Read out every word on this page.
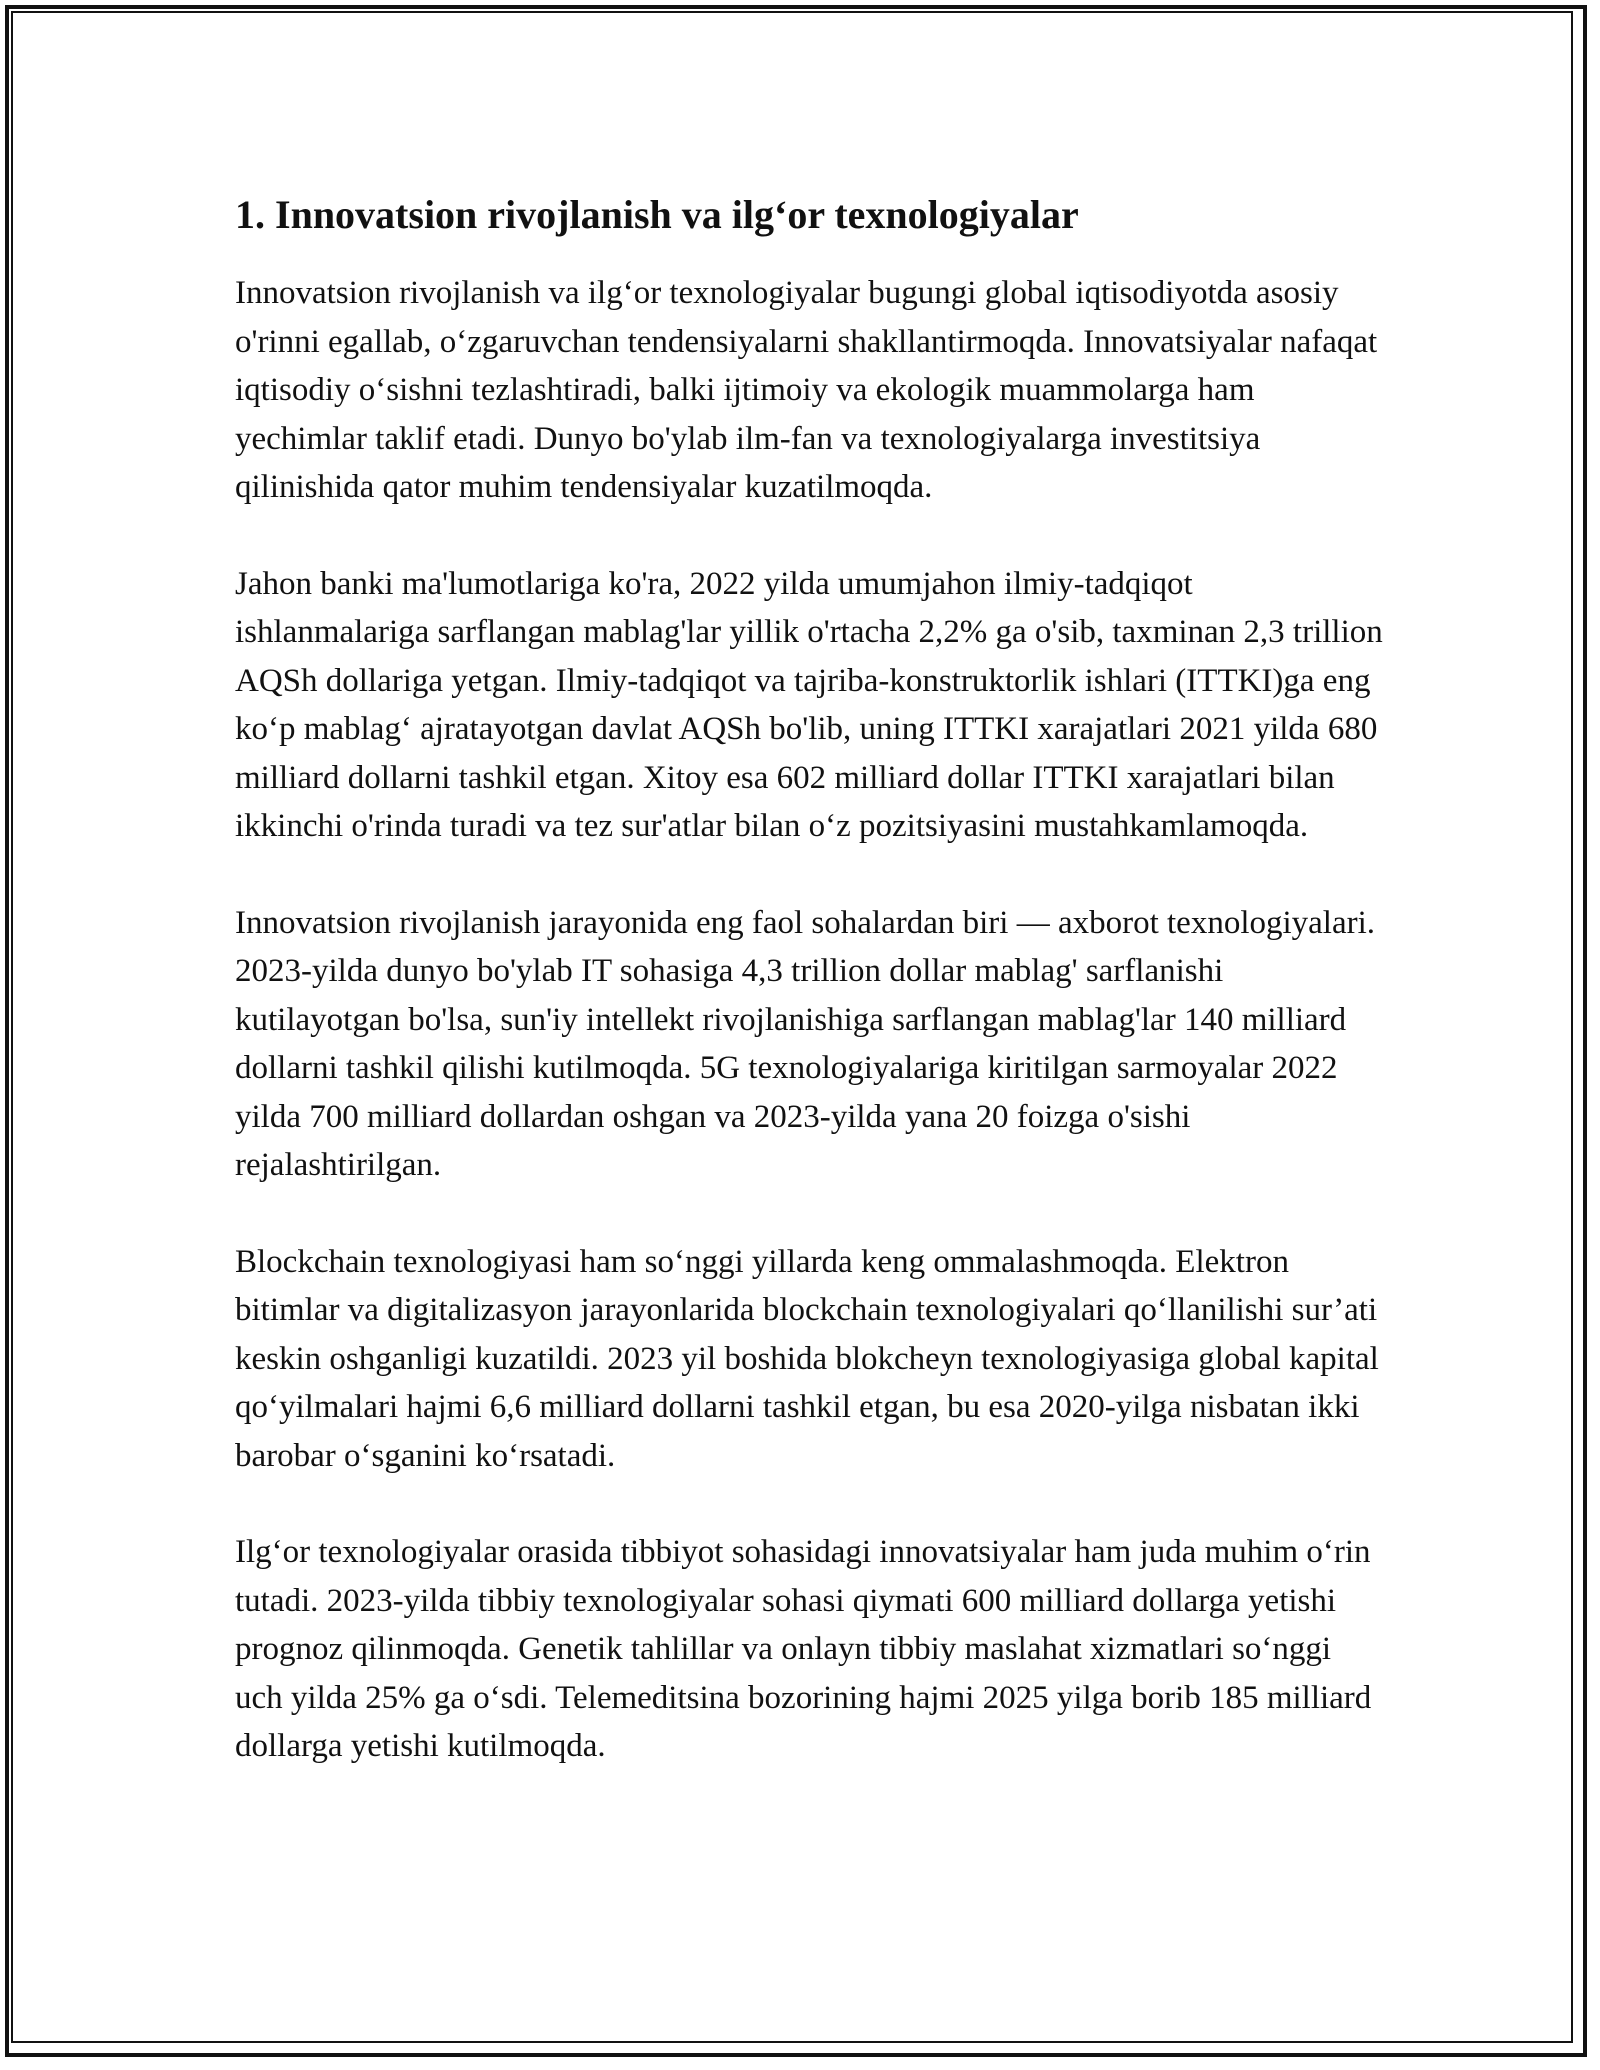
1. Innovatsion rivojlanish va ilg‘or texnologiyalar

Innovatsion rivojlanish va ilg‘or texnologiyalar bugungi global iqtisodiyotda asosiy o'rinni egallab, o‘zgaruvchan tendensiyalarni shakllantirmoqda. Innovatsiyalar nafaqat iqtisodiy o‘sishni tezlashtiradi, balki ijtimoiy va ekologik muammolarga ham yechimlar taklif etadi. Dunyo bo'ylab ilm-fan va texnologiyalarga investitsiya qilinishida qator muhim tendensiyalar kuzatilmoqda.

Jahon banki ma'lumotlariga ko'ra, 2022 yilda umumjahon ilmiy-tadqiqot ishlanmalariga sarflangan mablag'lar yillik o'rtacha 2,2% ga o'sib, taxminan 2,3 trillion AQSh dollariga yetgan. Ilmiy-tadqiqot va tajriba-konstruktorlik ishlari (ITTKI)ga eng ko‘p mablag‘ ajratayotgan davlat AQSh bo'lib, uning ITTKI xarajatlari 2021 yilda 680 milliard dollarni tashkil etgan. Xitoy esa 602 milliard dollar ITTKI xarajatlari bilan ikkinchi o'rinda turadi va tez sur'atlar bilan o‘z pozitsiyasini mustahkamlamoqda.

Innovatsion rivojlanish jarayonida eng faol sohalardan biri — axborot texnologiyalari. 2023-yilda dunyo bo'ylab IT sohasiga 4,3 trillion dollar mablag' sarflanishi kutilayotgan bo'lsa, sun'iy intellekt rivojlanishiga sarflangan mablag'lar 140 milliard dollarni tashkil qilishi kutilmoqda. 5G texnologiyalariga kiritilgan sarmoyalar 2022 yilda 700 milliard dollardan oshgan va 2023-yilda yana 20 foizga o'sishi rejalashtirilgan.

Blockchain texnologiyasi ham so‘nggi yillarda keng ommalashmoqda. Elektron bitimlar va digitalizasyon jarayonlarida blockchain texnologiyalari qo‘llanilishi sur’ati keskin oshganligi kuzatildi. 2023 yil boshida blokcheyn texnologiyasiga global kapital qo‘yilmalari hajmi 6,6 milliard dollarni tashkil etgan, bu esa 2020-yilga nisbatan ikki barobar o‘sganini ko‘rsatadi.

Ilg‘or texnologiyalar orasida tibbiyot sohasidagi innovatsiyalar ham juda muhim o‘rin tutadi. 2023-yilda tibbiy texnologiyalar sohasi qiymati 600 milliard dollarga yetishi prognoz qilinmoqda. Genetik tahlillar va onlayn tibbiy maslahat xizmatlari so‘nggi uch yilda 25% ga o‘sdi. Telemeditsina bozorining hajmi 2025 yilga borib 185 milliard dollarga yetishi kutilmoqda.
